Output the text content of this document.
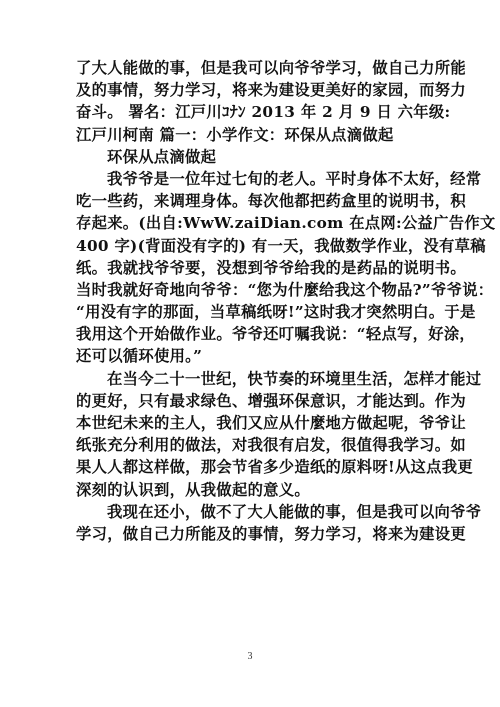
了大人能做的事，但是我可以向爷爷学习，做自己力所能
及的事情，努力学习，将来为建设更美好的家园，而努力
奋斗。 署名：江戸川ｺﾅﾝ 2013 年 2 月 9 日 六年级:
江戸川柯南 篇一：小学作文：环保从点滴做起
环保从点滴做起
我爷爷是一位年过七旬的老人。平时身体不太好，经常
吃一些药，来调理身体。每次他都把药盒里的说明书，积
存起来。(出自:WwW.zaiDian.com 在点网:公益广告作文
400 字)(背面没有字的) 有一天，我做数学作业，没有草稿
纸。我就找爷爷要，没想到爷爷给我的是药品的说明书。
当时我就好奇地向爷爷：“您为什麼给我这个物品?”爷爷说：
“用没有字的那面，当草稿纸呀!”这时我才突然明白。于是
我用这个开始做作业。爷爷还叮嘱我说：“轻点写，好涂，
还可以循环使用。”
在当今二十一世纪，快节奏的环境里生活，怎样才能过
的更好，只有最求绿色、增强环保意识，才能达到。作为
本世纪未来的主人，我们又应从什麼地方做起呢，爷爷让
纸张充分利用的做法，对我很有启发，很值得我学习。如
果人人都这样做，那会节省多少造纸的原料呀!从这点我更
深刻的认识到，从我做起的意义。
我现在还小，做不了大人能做的事，但是我可以向爷爷
学习，做自己力所能及的事情，努力学习，将来为建设更
3
